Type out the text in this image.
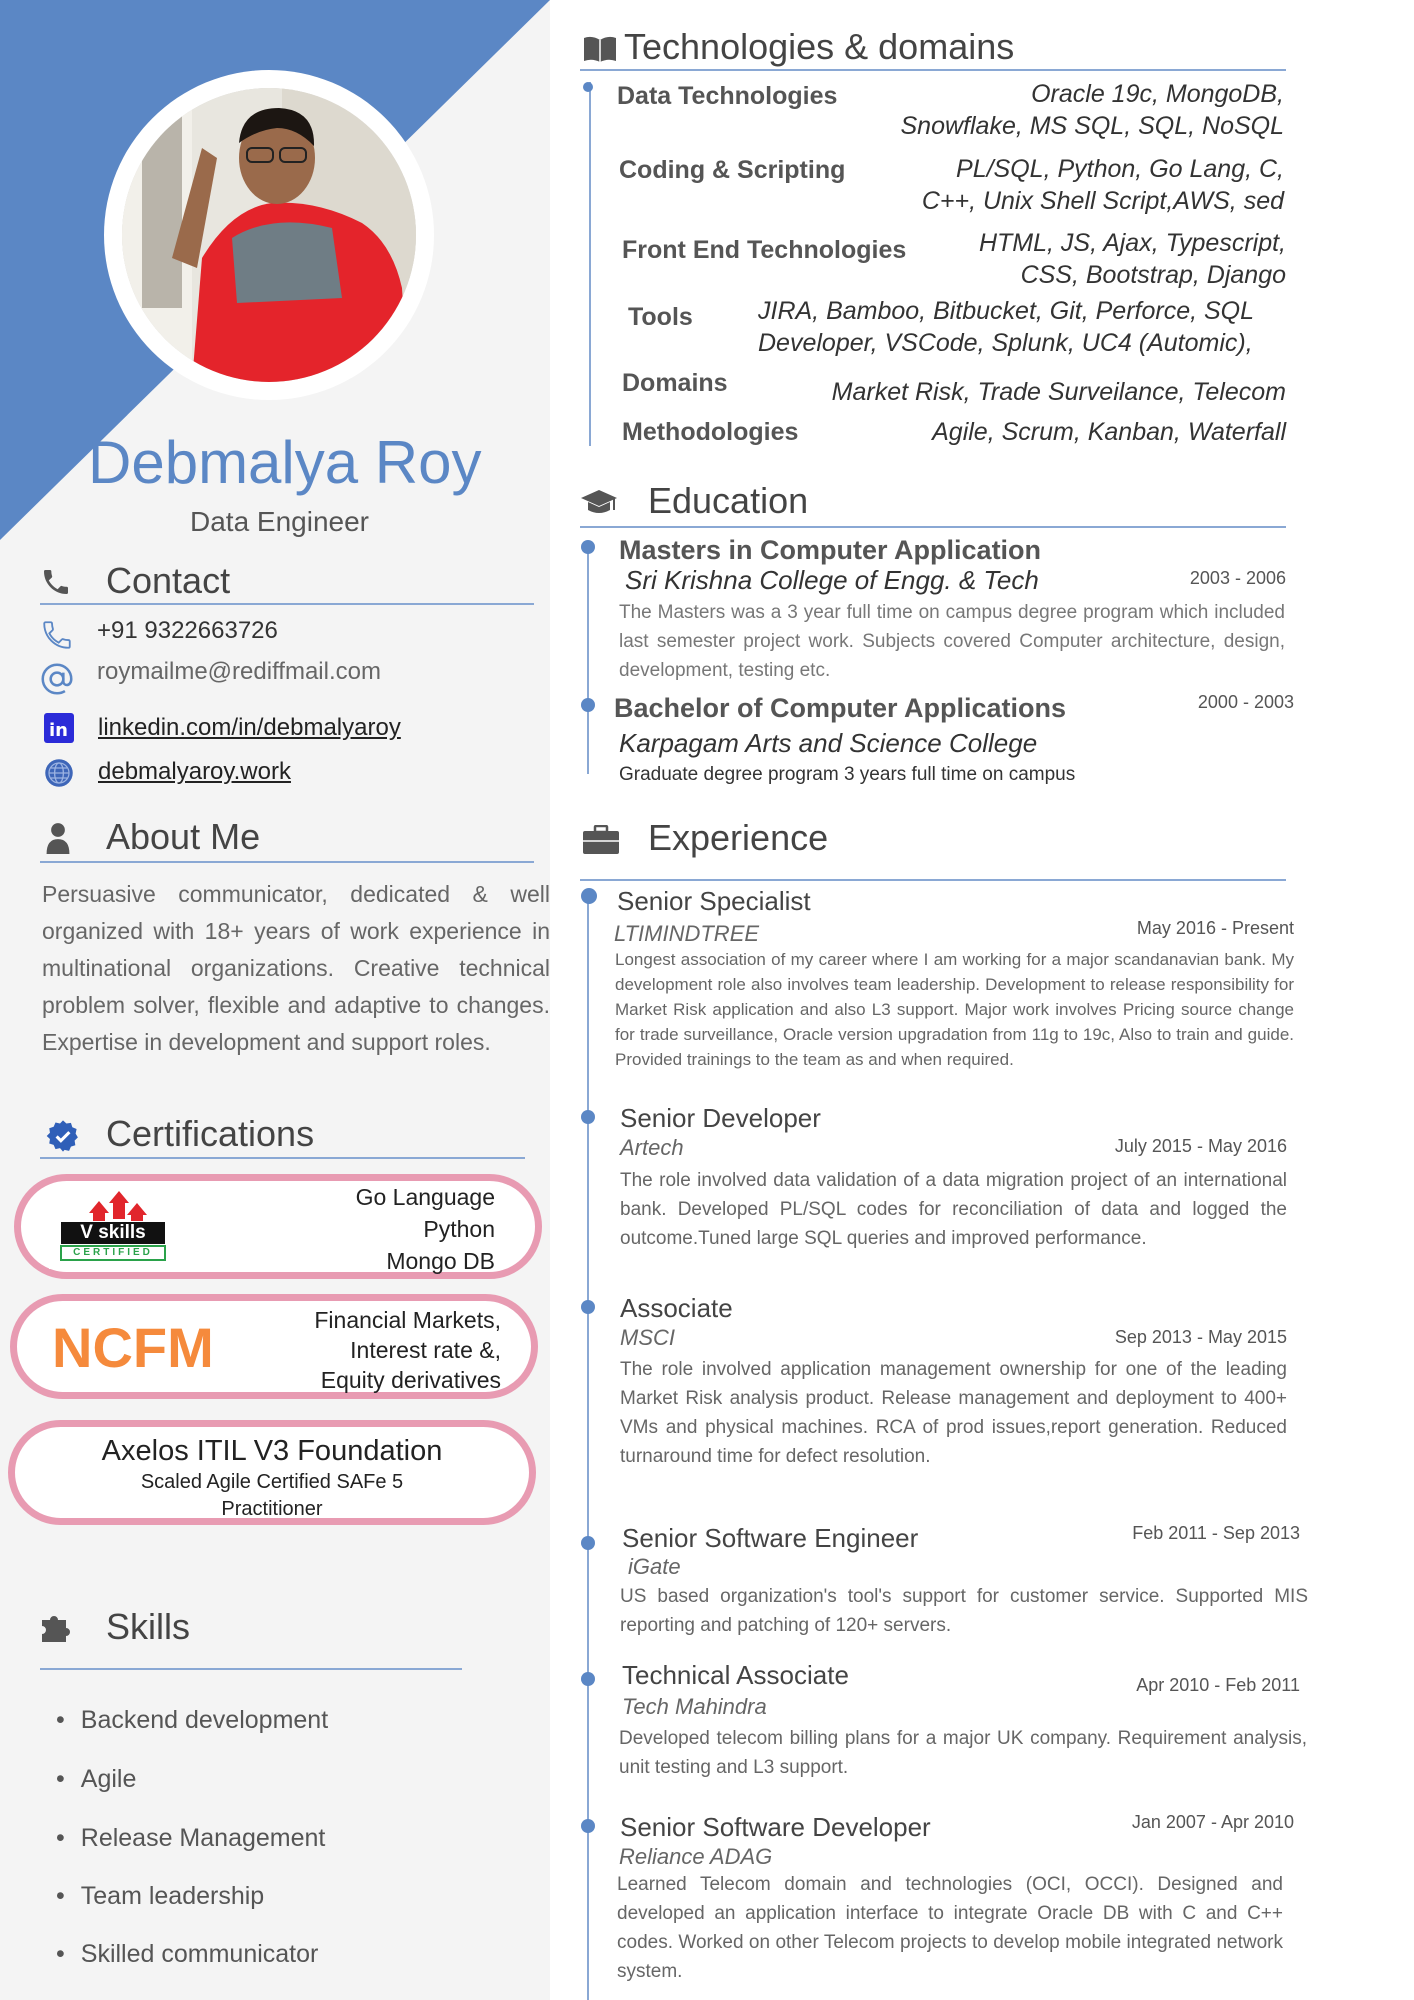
Debmalya Roy
Data Engineer
Contact
+91 9322663726
roymailme@rediffmail.com
in linkedin.com/in/debmalyaroy
debmalyaroy.work
About Me
Persuasive communicator, dedicated & well organized with 18+ years of work experience in multinational organizations. Creative technical problem solver, flexible and adaptive to changes. Expertise in development and support roles.
Certifications
V skills
CERTIFIED
Go Language
Python
Mongo DB
NCFM	Financial Markets,
Interest rate &,
Equity derivatives
Axelos ITIL V3 Foundation
Scaled Agile Certified SAFe 5
Practitioner
Skills
• Backend development
• Agile
• Release Management
• Team leadership
• Skilled communicator
Technologies & domains
Data Technologies	Oracle 19c, MongoDB,
Snowflake, MS SQL, SQL, NoSQL
Coding & Scripting	PL/SQL, Python, Go Lang, C,
C++, Unix Shell Script,AWS, sed
Front End Technologies	HTML, JS, Ajax, Typescript,
CSS, Bootstrap, Django
Tools	JIRA, Bamboo, Bitbucket, Git, Perforce, SQL
Developer, VSCode, Splunk, UC4 (Automic),
Domains	Market Risk, Trade Surveilance, Telecom
Methodologies	Agile, Scrum, Kanban, Waterfall
Education
Masters in Computer Application
Sri Krishna College of Engg. & Tech	2003 - 2006
The Masters was a 3 year full time on campus degree program which included last semester project work. Subjects covered Computer architecture, design, development, testing etc.
Bachelor of Computer Applications	2000 - 2003
Karpagam Arts and Science College
Graduate degree program 3 years full time on campus
Experience
Senior Specialist
LTIMINDTREE	May 2016 - Present
Longest association of my career where I am working for a major scandanavian bank. My development role also involves team leadership. Development to release responsibility for Market Risk application and also L3 support. Major work involves Pricing source change for trade surveillance, Oracle version upgradation from 11g to 19c, Also to train and guide. Provided trainings to the team as and when required.
Senior Developer
Artech	July 2015 - May 2016
The role involved data validation of a data migration project of an international bank. Developed PL/SQL codes for reconciliation of data and logged the outcome.Tuned large SQL queries and improved performance.
Associate
MSCI	Sep 2013 - May 2015
The role involved application management ownership for one of the leading Market Risk analysis product. Release management and deployment to 400+ VMs and physical machines. RCA of prod issues,report generation. Reduced turnaround time for defect resolution.
Senior Software Engineer	Feb 2011 - Sep 2013
iGate
US based organization's tool's support for customer service. Supported MIS reporting and patching of 120+ servers.
Technical Associate	Apr 2010 - Feb 2011
Tech Mahindra
Developed telecom billing plans for a major UK company. Requirement analysis, unit testing and L3 support.
Senior Software Developer	Jan 2007 - Apr 2010
Reliance ADAG
Learned Telecom domain and technologies (OCI, OCCI). Designed and developed an application interface to integrate Oracle DB with C and C++ codes. Worked on other Telecom projects to develop mobile integrated network system.
